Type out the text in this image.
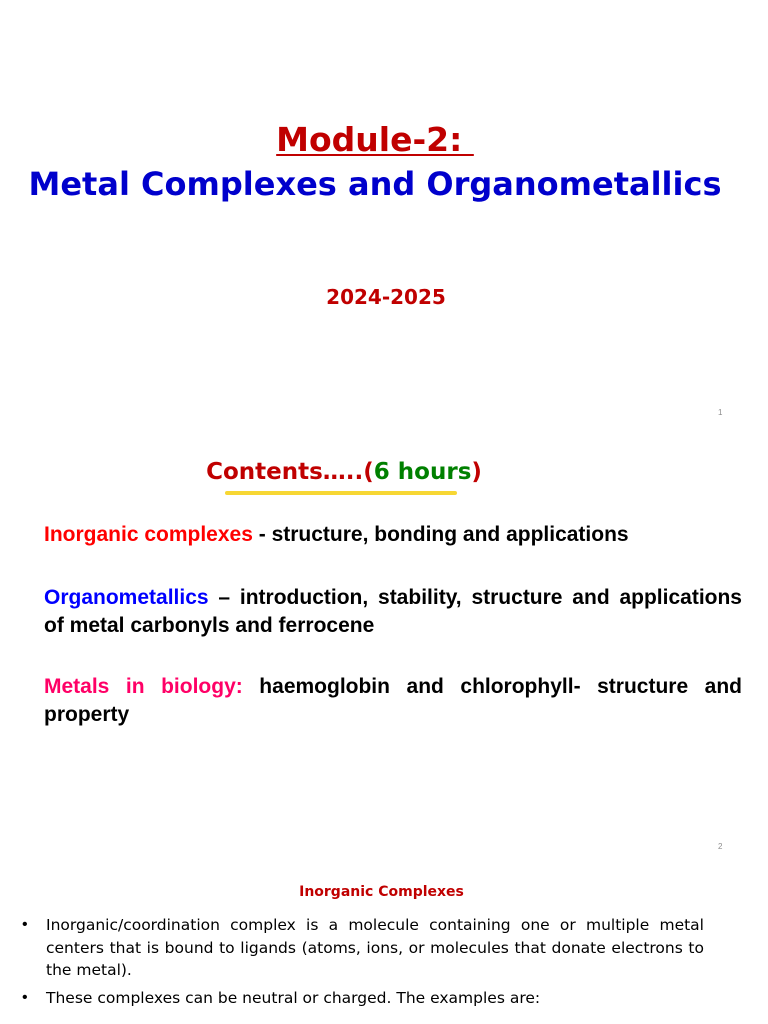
Module-2:
Metal Complexes and Organometallics
2024-2025
1
Contents…..(6 hours)
Inorganic complexes - structure, bonding and applications
Organometallics – introduction, stability, structure and applications of metal carbonyls and ferrocene
Metals in biology: haemoglobin and chlorophyll- structure and property
2
Inorganic Complexes
• Inorganic/coordination complex is a molecule containing one or multiple metal centers that is bound to ligands (atoms, ions, or molecules that donate electrons to the metal).
• These complexes can be neutral or charged. The examples are:
